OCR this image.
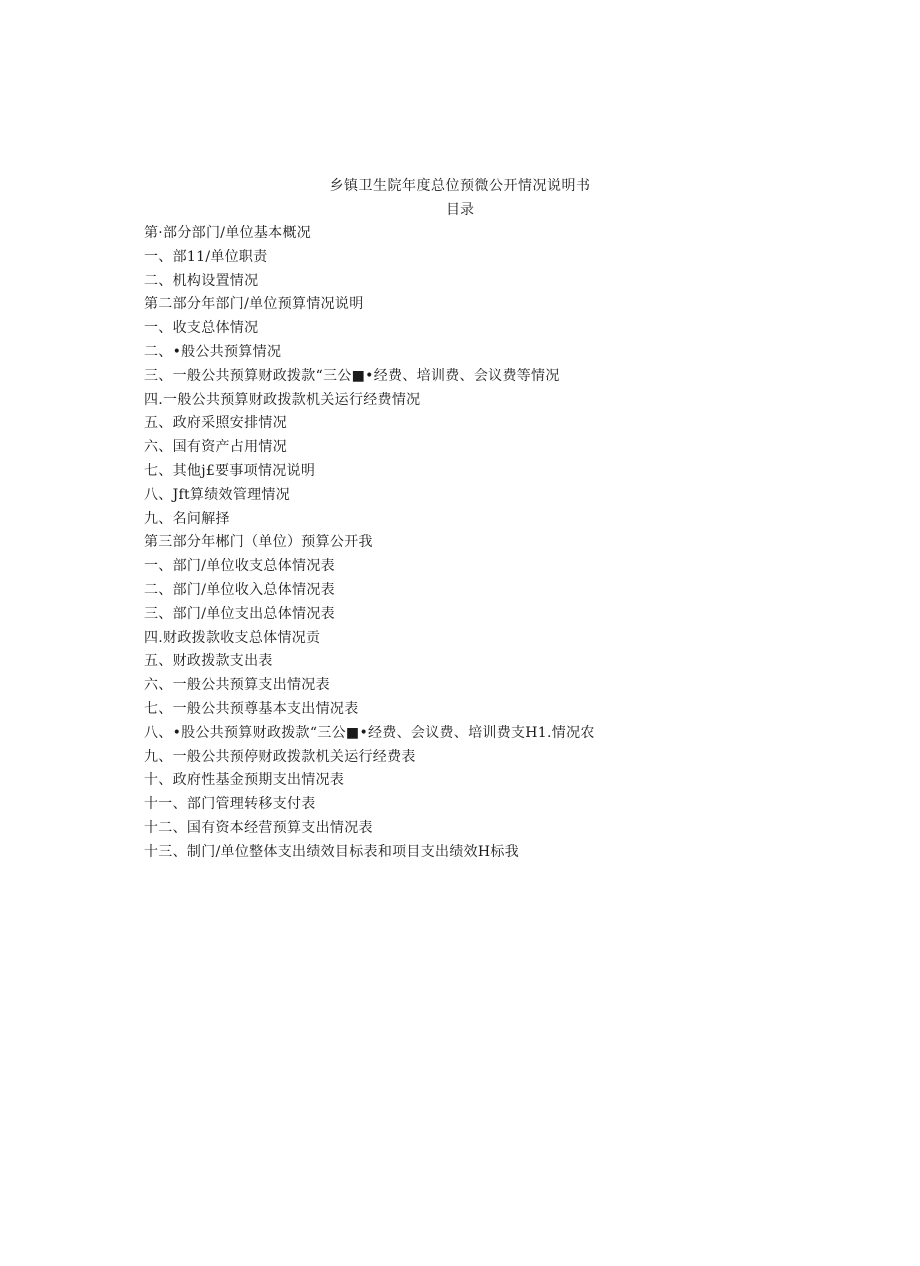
乡镇卫生院年度总位预微公开情况说明书
目录
第·部分部门/单位基本概况
一、部11/单位职责
二、机构设置情况
第二部分年部门/单位预算情况说明
一、收支总体情况
二、•般公共预算情况
三、一般公共预算财政拨款“三公■•经费、培训费、会议费等情况
四.一般公共预算财政拨款机关运行经费情况
五、政府采照安排情况
六、国有资产占用情况
七、其他j£要事项情况说明
八、Jft算绩效管理情况
九、名问解择
第三部分年郴门（单位）预算公开我
一、部门/单位收支总体情况表
二、部门/单位收入总体情况表
三、部门/单位支出总体情况表
四.财政拨款收支总体情况贡
五、财政拨款支出表
六、一般公共预算支出情况表
七、一般公共预尊基本支出情况表
八、•股公共预算财政拨款“三公■•经费、会议费、培训费支H1.情况农
九、一般公共预停财政拨款机关运行经费表
十、政府性基金预期支出情况表
十一、部门管理转移支付表
十二、国有资本经营预算支出情况表
十三、制门/单位整体支出绩效目标表和项目支出绩效H标我
